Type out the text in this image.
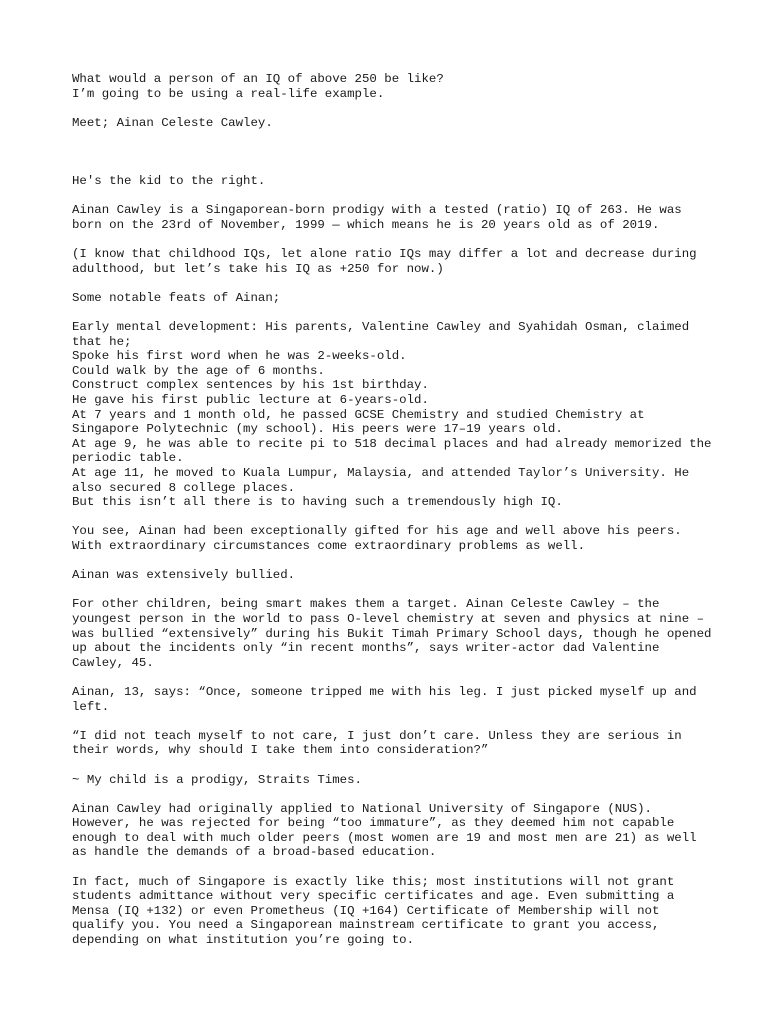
What would a person of an IQ of above 250 be like?
I’m going to be using a real-life example.

Meet; Ainan Celeste Cawley.

He's the kid to the right.

Ainan Cawley is a Singaporean-born prodigy with a tested (ratio) IQ of 263. He was born on the 23rd of November, 1999 — which means he is 20 years old as of 2019.

(I know that childhood IQs, let alone ratio IQs may differ a lot and decrease during adulthood, but let’s take his IQ as +250 for now.)

Some notable feats of Ainan;

Early mental development: His parents, Valentine Cawley and Syahidah Osman, claimed that he;
Spoke his first word when he was 2-weeks-old.
Could walk by the age of 6 months.
Construct complex sentences by his 1st birthday.
He gave his first public lecture at 6-years-old.
At 7 years and 1 month old, he passed GCSE Chemistry and studied Chemistry at Singapore Polytechnic (my school). His peers were 17–19 years old.
At age 9, he was able to recite pi to 518 decimal places and had already memorized the periodic table.
At age 11, he moved to Kuala Lumpur, Malaysia, and attended Taylor’s University. He also secured 8 college places.
But this isn’t all there is to having such a tremendously high IQ.

You see, Ainan had been exceptionally gifted for his age and well above his peers.
With extraordinary circumstances come extraordinary problems as well.

Ainan was extensively bullied.

For other children, being smart makes them a target. Ainan Celeste Cawley – the youngest person in the world to pass O-level chemistry at seven and physics at nine – was bullied “extensively” during his Bukit Timah Primary School days, though he opened up about the incidents only “in recent months”, says writer-actor dad Valentine Cawley, 45.

Ainan, 13, says: “Once, someone tripped me with his leg. I just picked myself up and left.

“I did not teach myself to not care, I just don’t care. Unless they are serious in their words, why should I take them into consideration?”

~ My child is a prodigy, Straits Times.

Ainan Cawley had originally applied to National University of Singapore (NUS). However, he was rejected for being “too immature”, as they deemed him not capable enough to deal with much older peers (most women are 19 and most men are 21) as well as handle the demands of a broad-based education.

In fact, much of Singapore is exactly like this; most institutions will not grant students admittance without very specific certificates and age. Even submitting a Mensa (IQ +132) or even Prometheus (IQ +164) Certificate of Membership will not qualify you. You need a Singaporean mainstream certificate to grant you access, depending on what institution you’re going to.
